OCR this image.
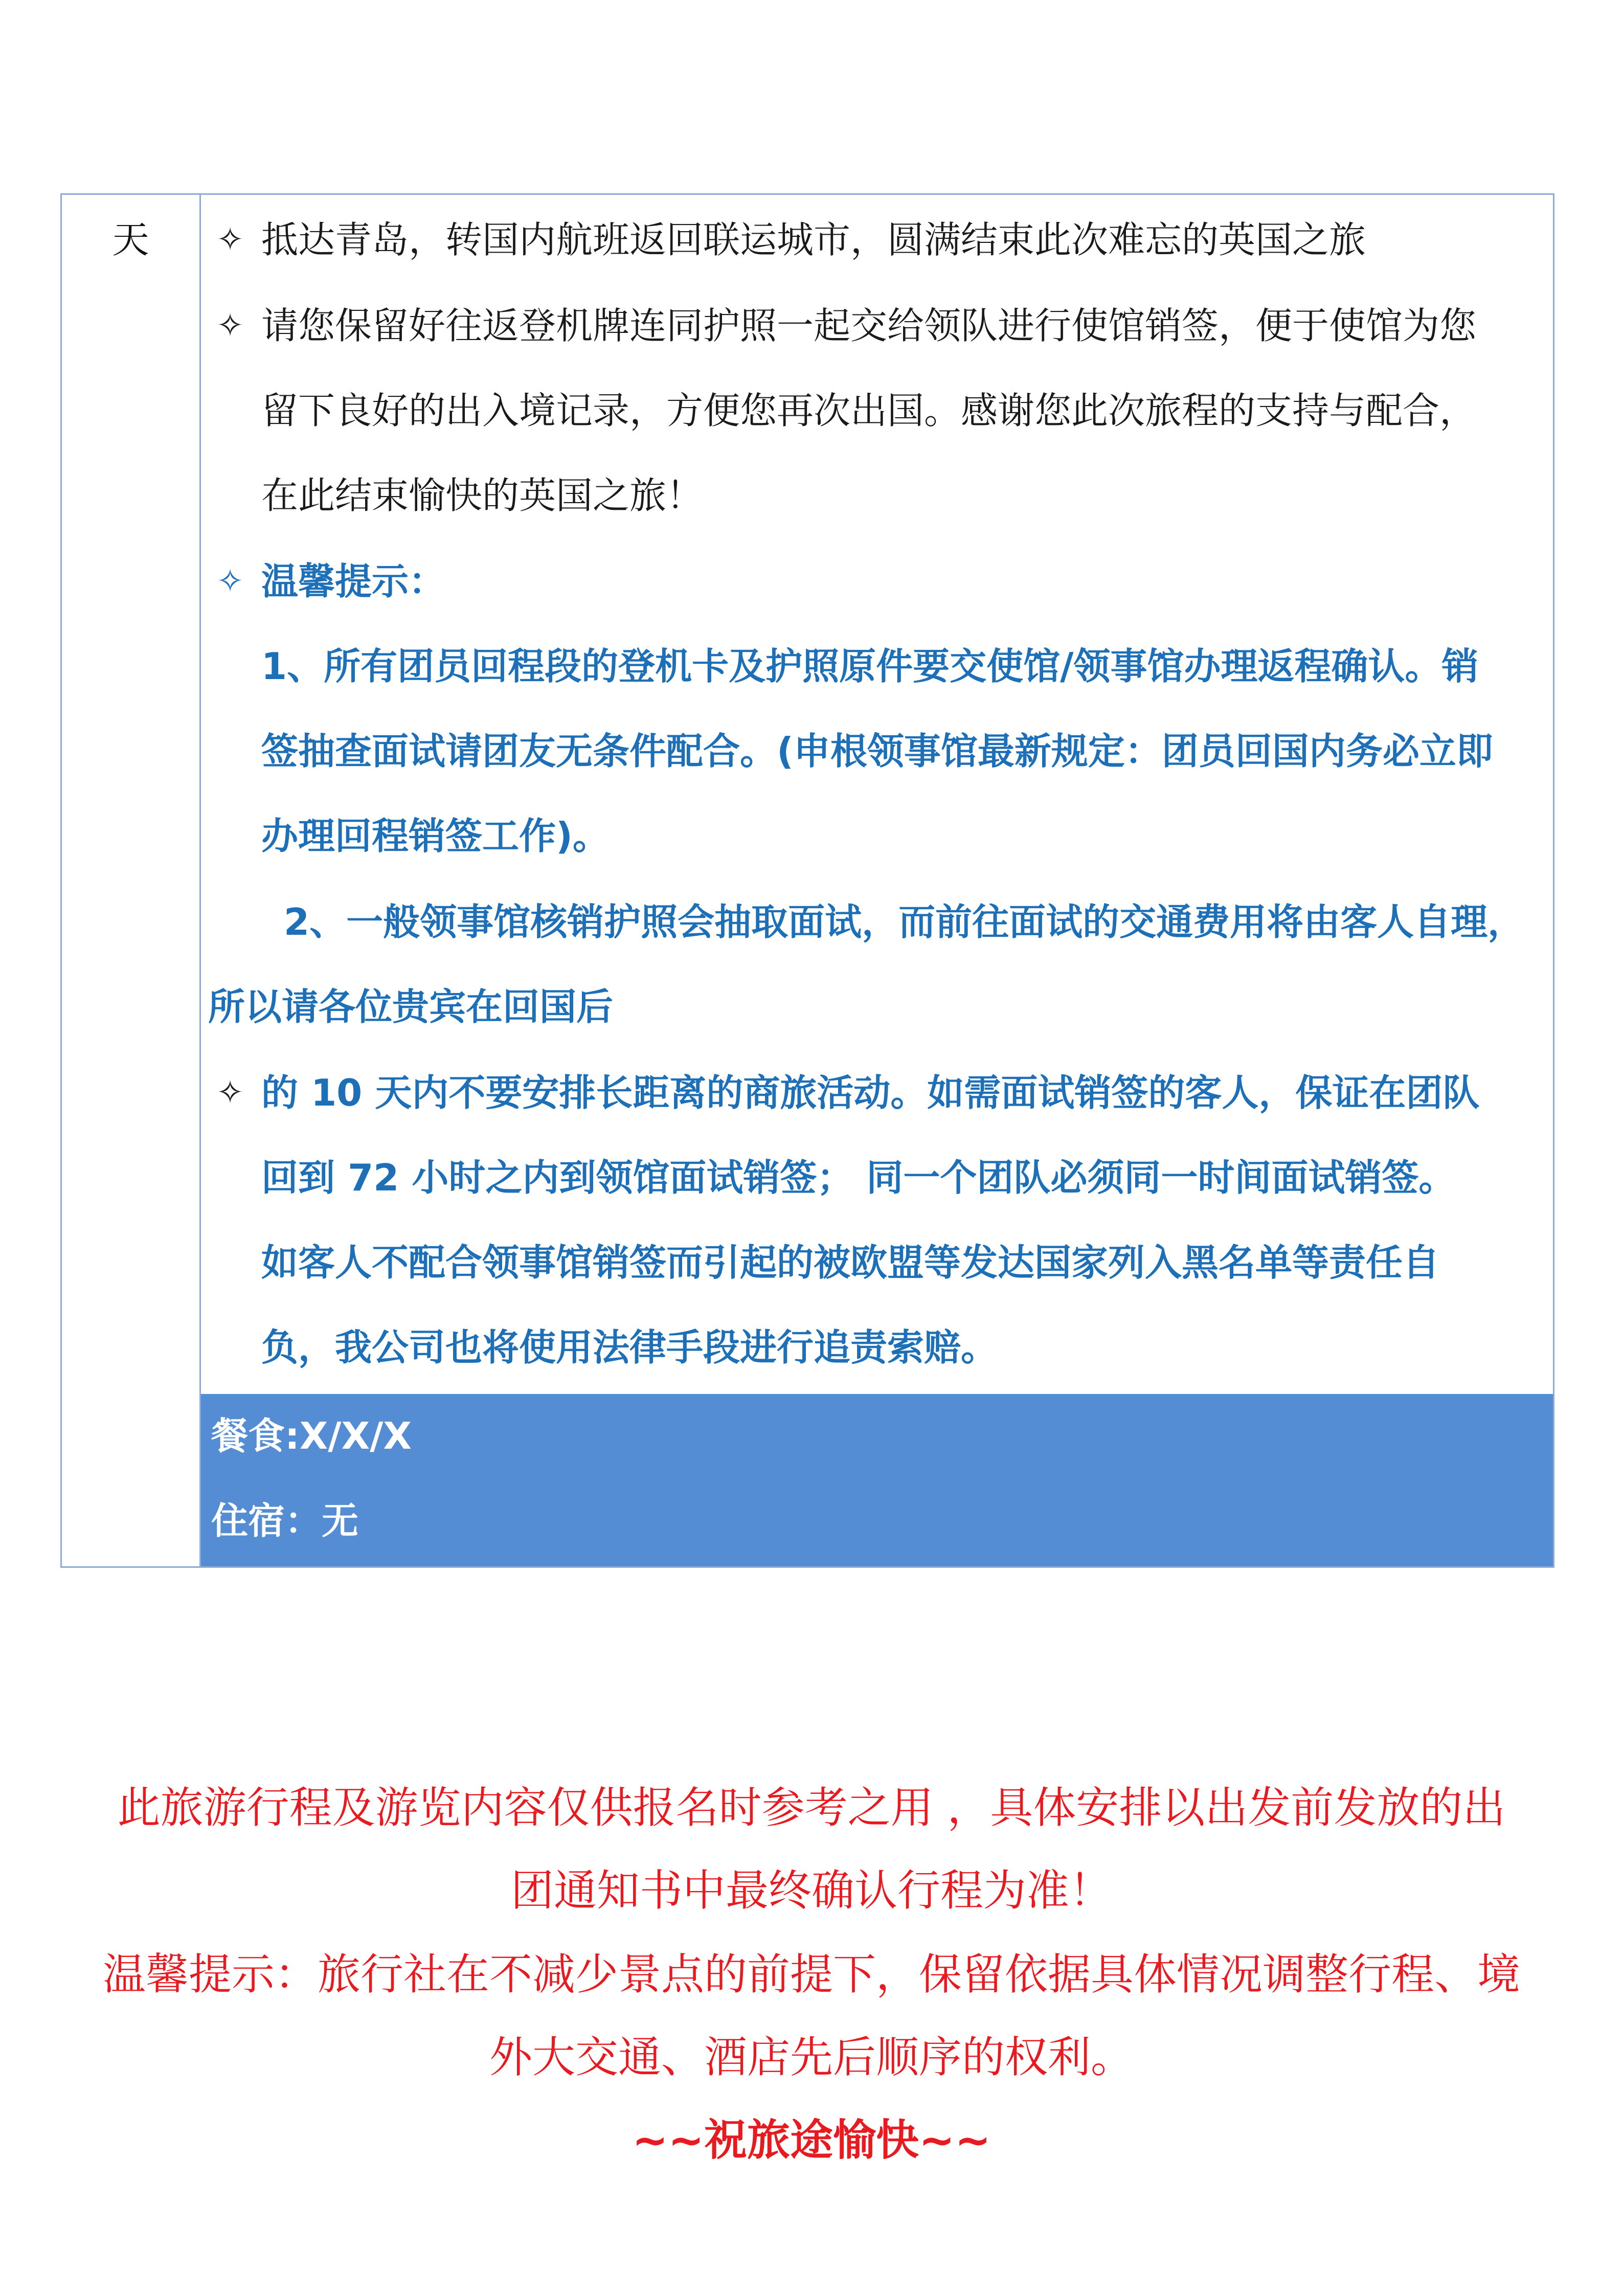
天	✧ 抵达青岛，转国内航班返回联运城市，圆满结束此次难忘的英国之旅
✧ 请您保留好往返登机牌连同护照一起交给领队进行使馆销签，便于使馆为您
留下良好的出入境记录，方便您再次出国。感谢您此次旅程的支持与配合，
在此结束愉快的英国之旅！
✧ 温馨提示：
1、所有团员回程段的登机卡及护照原件要交使馆/领事馆办理返程确认。销
签抽查面试请团友无条件配合。(申根领事馆最新规定：团员回国内务必立即
办理回程销签工作)。
2、一般领事馆核销护照会抽取面试，而前往面试的交通费用将由客人自理，
所以请各位贵宾在回国后
✧ 的 10 天内不要安排长距离的商旅活动。如需面试销签的客人，保证在团队
回到 72 小时之内到领馆面试销签； 同一个团队必须同一时间面试销签。
如客人不配合领事馆销签而引起的被欧盟等发达国家列入黑名单等责任自
负，我公司也将使用法律手段进行追责索赔。
餐食:X/X/X
住宿：无
此旅游行程及游览内容仅供报名时参考之用 ，具体安排以出发前发放的出
团通知书中最终确认行程为准！
温馨提示：旅行社在不减少景点的前提下，保留依据具体情况调整行程、境
外大交通、酒店先后顺序的权利。
~~祝旅途愉快~~
